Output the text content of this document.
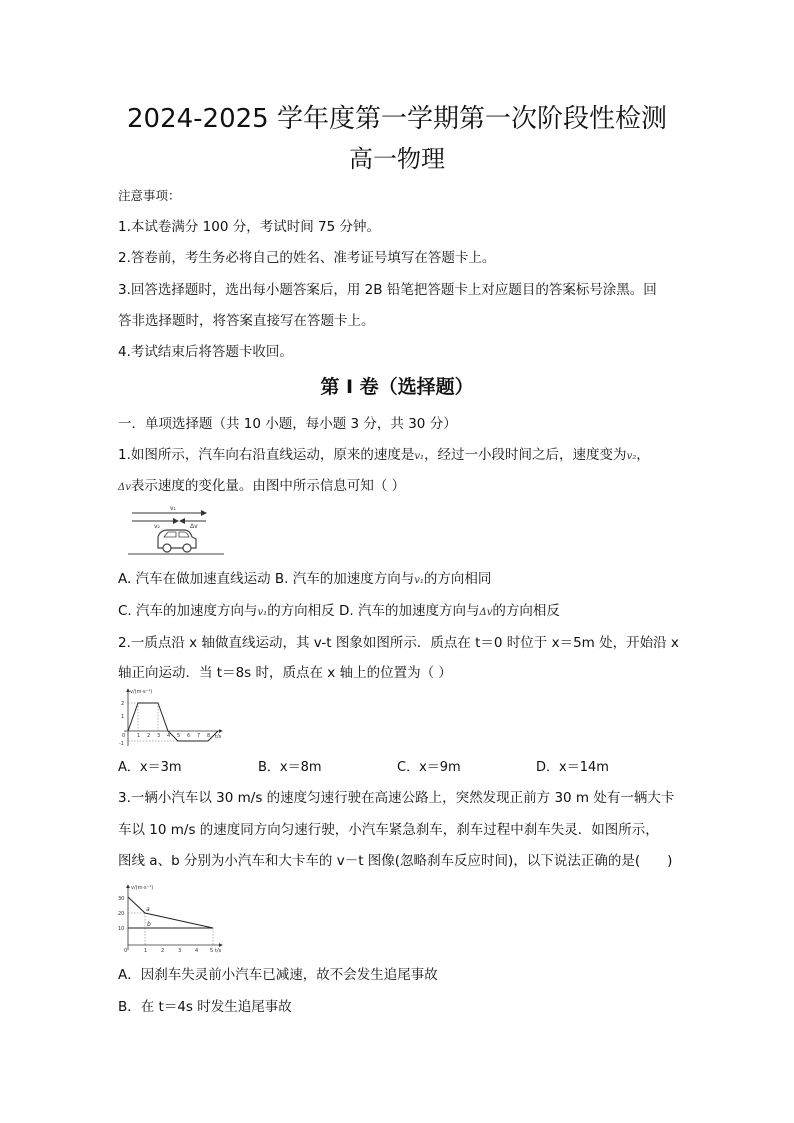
2024-2025 学年度第一学期第一次阶段性检测
高一物理
注意事项：
1.本试卷满分 100 分，考试时间 75 分钟。
2.答卷前，考生务必将自己的姓名、准考证号填写在答题卡上。
3.回答选择题时，选出每小题答案后，用 2B 铅笔把答题卡上对应题目的答案标号涂黑。回
答非选择题时，将答案直接写在答题卡上。
4.考试结束后将答题卡收回。
第 I 卷（选择题）
一．单项选择题（共 10 小题，每小题 3 分，共 30 分）
1.如图所示，汽车向右沿直线运动，原来的速度是v₁，经过一小段时间之后，速度变为v₂，
Δv表示速度的变化量。由图中所示信息可知（ ）
v₁
v₂	Δv
A. 汽车在做加速直线运动 B. 汽车的加速度方向与v₁的方向相同
C. 汽车的加速度方向与v₁的方向相反 D. 汽车的加速度方向与Δv的方向相反
2.一质点沿 x 轴做直线运动，其 v-t 图象如图所示．质点在 t＝0 时位于 x＝5m 处，开始沿 x
轴正向运动．当 t＝8s 时，质点在 x 轴上的位置为（ ）
v/(m·s⁻¹)
t/s
2
1
0
-1
1 2 3 4 5 6 7 8
A．x＝3m	B．x＝8m	C．x＝9m	D．x＝14m
3.一辆小汽车以 30 m/s 的速度匀速行驶在高速公路上，突然发现正前方 30 m 处有一辆大卡
车以 10 m/s 的速度同方向匀速行驶，小汽车紧急刹车，刹车过程中刹车失灵．如图所示，
图线 a、b 分别为小汽车和大卡车的 v－t 图像(忽略刹车反应时间)，以下说法正确的是(　　)
v/(m·s⁻¹)
t/s
30
20
10
0	1	2	3	4 5
a
b
A．因刹车失灵前小汽车已减速，故不会发生追尾事故
B．在 t＝4s 时发生追尾事故
